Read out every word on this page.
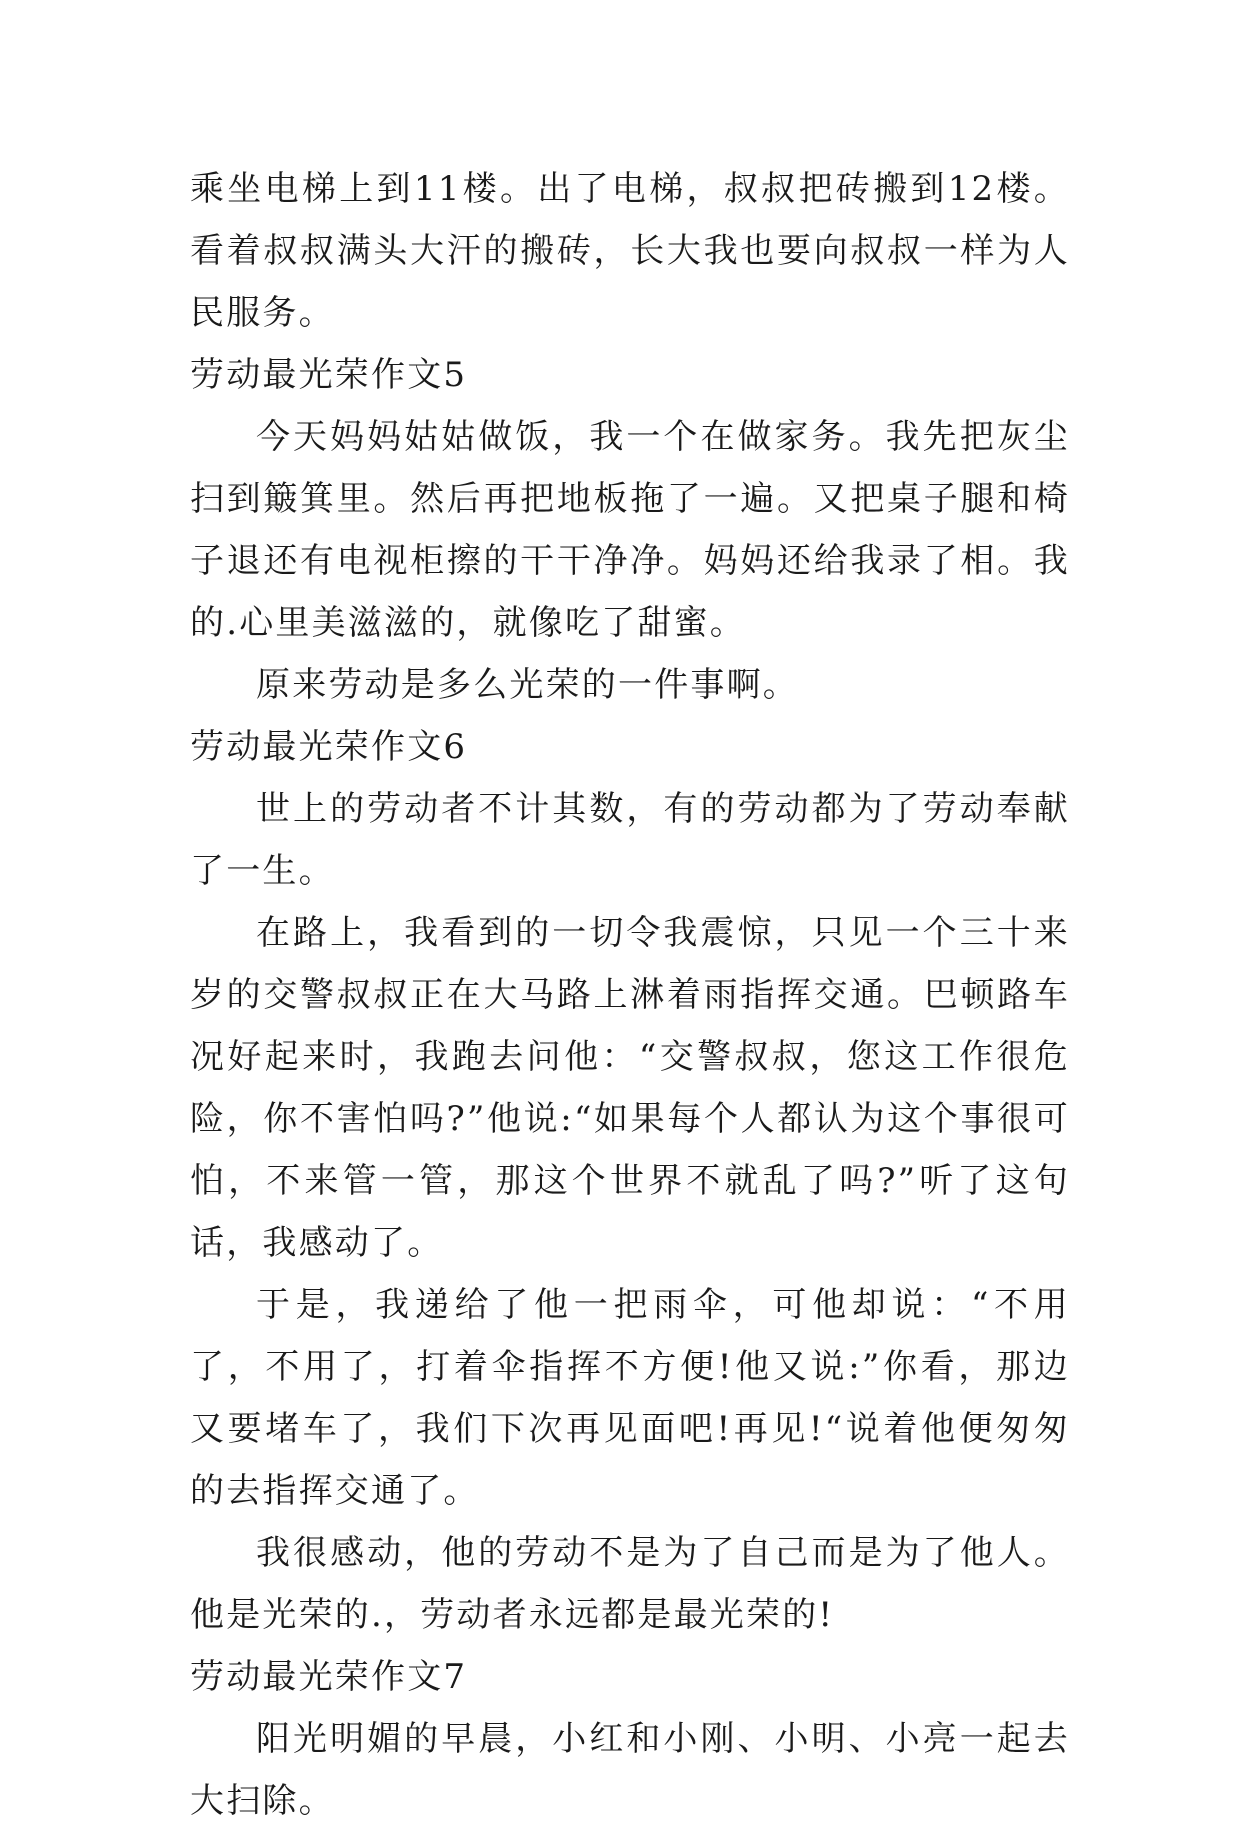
乘坐电梯上到11楼。出了电梯，叔叔把砖搬到12楼。看着叔叔满头大汗的搬砖，长大我也要向叔叔一样为人民服务。

劳动最光荣作文5

今天妈妈姑姑做饭，我一个在做家务。我先把灰尘扫到簸箕里。然后再把地板拖了一遍。又把桌子腿和椅子退还有电视柜擦的干干净净。妈妈还给我录了相。我的.心里美滋滋的，就像吃了甜蜜。

原来劳动是多么光荣的一件事啊。

劳动最光荣作文6

世上的劳动者不计其数，有的劳动都为了劳动奉献了一生。

在路上，我看到的一切令我震惊，只见一个三十来岁的交警叔叔正在大马路上淋着雨指挥交通。巴顿路车况好起来时，我跑去问他：“交警叔叔，您这工作很危险，你不害怕吗?”他说:“如果每个人都认为这个事很可怕，不来管一管，那这个世界不就乱了吗?”听了这句话，我感动了。

于是，我递给了他一把雨伞，可他却说：“不用了，不用了，打着伞指挥不方便!他又说:”你看，那边又要堵车了，我们下次再见面吧!再见!“说着他便匆匆的去指挥交通了。

我很感动，他的劳动不是为了自己而是为了他人。他是光荣的.，劳动者永远都是最光荣的!

劳动最光荣作文7

阳光明媚的早晨，小红和小刚、小明、小亮一起去大扫除。
